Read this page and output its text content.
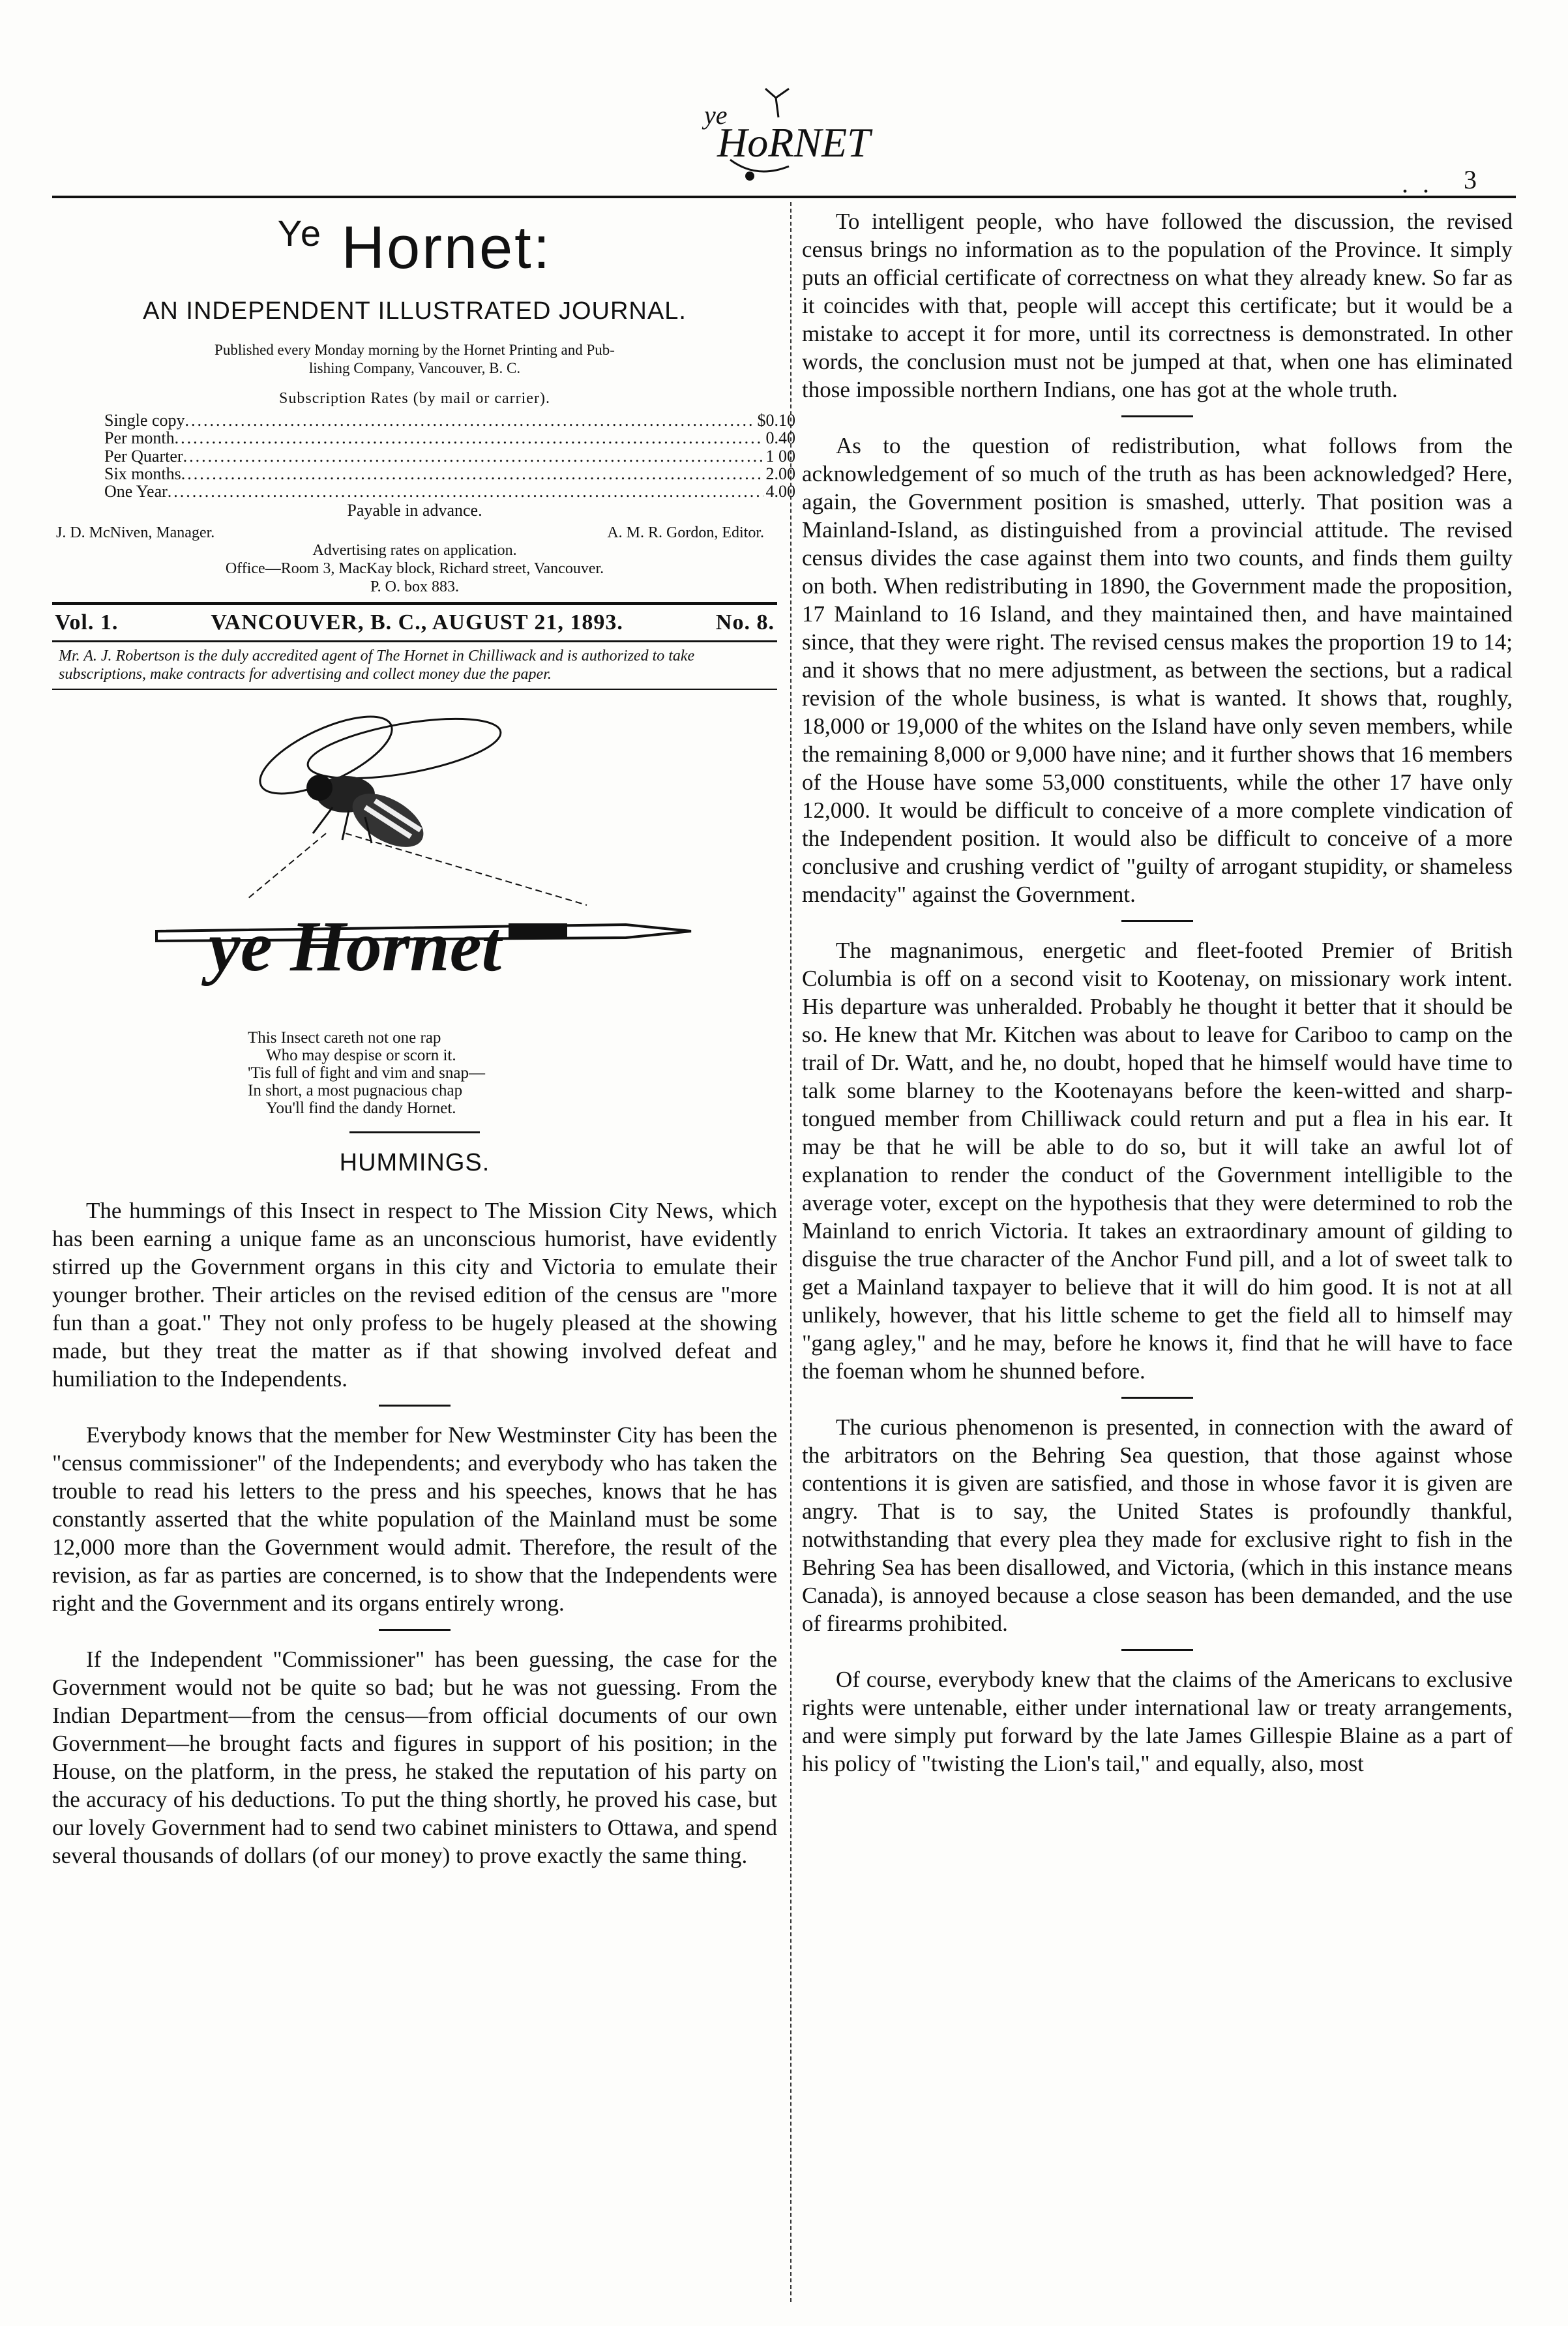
ye
HoRNET
. . 3
$^{Ye}$ Hornet:
AN INDEPENDENT ILLUSTRATED JOURNAL.
Published every Monday morning by the Hornet Printing and Pub-
lishing Company, Vancouver, B. C.
Subscription Rates (by mail or carrier).
Single copy .....	$0.10
Per month .....	0.40
Per Quarter .....	1 00
Six months .....	2.00
One Year .....	4.00
Payable in advance.
J. D. McNiven, Manager.	A. M. R. Gordon, Editor.
Advertising rates on application.
Office—Room 3, MacKay block, Richard street, Vancouver.
P. O. box 883.
Vol. 1.	VANCOUVER, B. C., AUGUST 21, 1893.	No. 8.
Mr. A. J. Robertson is the duly accredited agent of The Hornet in Chilliwack and is authorized to take subscriptions, make contracts for advertising and collect money due the paper.
ye Hornet
This Insect careth not one rap
Who may despise or scorn it.
'Tis full of fight and vim and snap—
In short, a most pugnacious chap
You'll find the dandy Hornet.
HUMMINGS.

The hummings of this Insect in respect to The Mission City News, which has been earning a unique fame as an unconscious humorist, have evidently stirred up the Government organs in this city and Victoria to emulate their younger brother. Their articles on the revised edition of the census are "more fun than a goat." They not only profess to be hugely pleased at the showing made, but they treat the matter as if that showing involved defeat and humiliation to the Independents.

Everybody knows that the member for New Westminster City has been the "census commissioner" of the Independents; and everybody who has taken the trouble to read his letters to the press and his speeches, knows that he has constantly asserted that the white population of the Mainland must be some 12,000 more than the Government would admit. Therefore, the result of the revision, as far as parties are concerned, is to show that the Independents were right and the Government and its organs entirely wrong.

If the Independent "Commissioner" has been guessing, the case for the Government would not be quite so bad; but he was not guessing. From the Indian Department—from the census—from official documents of our own Government—he brought facts and figures in support of his position; in the House, on the platform, in the press, he staked the reputation of his party on the accuracy of his deductions. To put the thing shortly, he proved his case, but our lovely Government had to send two cabinet ministers to Ottawa, and spend several thousands of dollars (of our money) to prove exactly the same thing.

To intelligent people, who have followed the discussion, the revised census brings no information as to the population of the Province. It simply puts an official certificate of correctness on what they already knew. So far as it coincides with that, people will accept this certificate; but it would be a mistake to accept it for more, until its correctness is demonstrated. In other words, the conclusion must not be jumped at that, when one has eliminated those impossible northern Indians, one has got at the whole truth.

As to the question of redistribution, what follows from the acknowledgement of so much of the truth as has been acknowledged? Here, again, the Government position is smashed, utterly. That position was a Mainland-Island, as distinguished from a provincial attitude. The revised census divides the case against them into two counts, and finds them guilty on both. When redistributing in 1890, the Government made the proposition, 17 Mainland to 16 Island, and they maintained then, and have maintained since, that they were right. The revised census makes the proportion 19 to 14; and it shows that no mere adjustment, as between the sections, but a radical revision of the whole business, is what is wanted. It shows that, roughly, 18,000 or 19,000 of the whites on the Island have only seven members, while the remaining 8,000 or 9,000 have nine; and it further shows that 16 members of the House have some 53,000 constituents, while the other 17 have only 12,000. It would be difficult to conceive of a more complete vindication of the Independent position. It would also be difficult to conceive of a more conclusive and crushing verdict of "guilty of arrogant stupidity, or shameless mendacity" against the Government.

The magnanimous, energetic and fleet-footed Premier of British Columbia is off on a second visit to Kootenay, on missionary work intent. His departure was unheralded. Probably he thought it better that it should be so. He knew that Mr. Kitchen was about to leave for Cariboo to camp on the trail of Dr. Watt, and he, no doubt, hoped that he himself would have time to talk some blarney to the Kootenayans before the keen-witted and sharp-tongued member from Chilliwack could return and put a flea in his ear. It may be that he will be able to do so, but it will take an awful lot of explanation to render the conduct of the Government intelligible to the average voter, except on the hypothesis that they were determined to rob the Mainland to enrich Victoria. It takes an extraordinary amount of gilding to disguise the true character of the Anchor Fund pill, and a lot of sweet talk to get a Mainland taxpayer to believe that it will do him good. It is not at all unlikely, however, that his little scheme to get the field all to himself may "gang agley," and he may, before he knows it, find that he will have to face the foeman whom he shunned before.

The curious phenomenon is presented, in connection with the award of the arbitrators on the Behring Sea question, that those against whose contentions it is given are satisfied, and those in whose favor it is given are angry. That is to say, the United States is profoundly thankful, notwithstanding that every plea they made for exclusive right to fish in the Behring Sea has been disallowed, and Victoria, (which in this instance means Canada), is annoyed because a close season has been demanded, and the use of firearms prohibited.

Of course, everybody knew that the claims of the Americans to exclusive rights were untenable, either under international law or treaty arrangements, and were simply put forward by the late James Gillespie Blaine as a part of his policy of "twisting the Lion's tail," and equally, also, most
